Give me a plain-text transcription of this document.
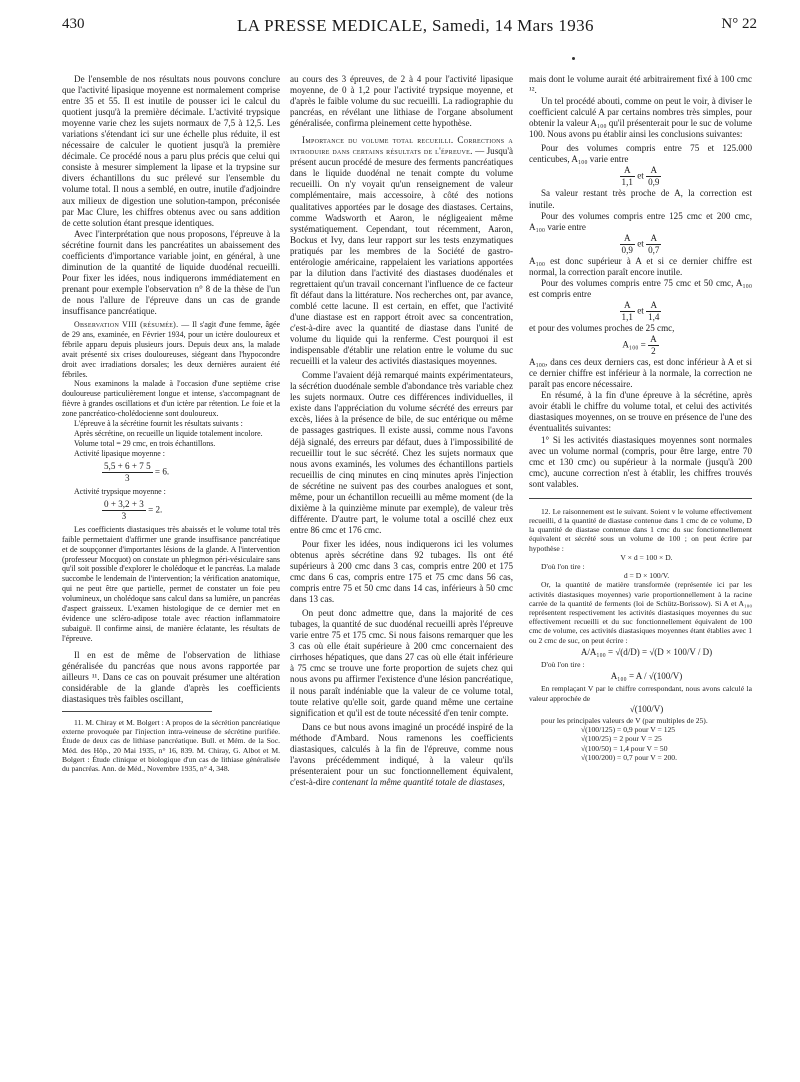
430	LA PRESSE MEDICALE, Samedi, 14 Mars 1936	N° 22

De l'ensemble de nos résultats nous pouvons conclure que l'activité lipasique moyenne est normalement comprise entre 35 et 55. Il est inutile de pousser ici le calcul du quotient jusqu'à la première décimale. L'activité trypsique moyenne varie chez les sujets normaux de 7,5 à 12,5. Les variations s'étendant ici sur une échelle plus réduite, il est nécessaire de calculer le quotient jusqu'à la première décimale. Ce procédé nous a paru plus précis que celui qui consiste à mesurer simplement la lipase et la trypsine sur divers échantillons du suc prélevé sur l'ensemble du volume total. Il nous a semblé, en outre, inutile d'adjoindre aux milieux de digestion une solution-tampon, préconisée par Mac Clure, les chiffres obtenus avec ou sans addition de cette solution étant presque identiques.

Avec l'interprétation que nous proposons, l'épreuve à la sécrétine fournit dans les pancréatites un abaissement des coefficients d'importance variable joint, en général, à une diminution de la quantité de liquide duodénal recueilli. Pour fixer les idées, nous indiquerons immédiatement en prenant pour exemple l'observation n° 8 de la thèse de l'un de nous l'allure de l'épreuve dans un cas de grande insuffisance pancréatique.

Observation VIII (résumée). — Il s'agit d'une femme, âgée de 29 ans, examinée, en Février 1934, pour un ictère douloureux et fébrile apparu depuis plusieurs jours. Depuis deux ans, la malade avait présenté six crises douloureuses, siégeant dans l'hypocondre droit avec irradiations dorsales; les deux dernières auraient été fébriles.

Nous examinons la malade à l'occasion d'une septième crise douloureuse particulièrement longue et intense, s'accompagnant de fièvre à grandes oscillations et d'un ictère par rétention. Le foie et la zone pancréatico-cholédocienne sont douloureux.

L'épreuve à la sécrétine fournit les résultats suivants :

Après sécrétine, on recueille un liquide totalement incolore.

Volume total = 29 cmc, en trois échantillons.

Activité lipasique moyenne :

$\frac{5,5 + 6 + 7 5}{3} = 6$.

Activité trypsique moyenne :

$\frac{0 + 3,2 + 3}{3} = 2$.

Les coefficients diastasiques très abaissés et le volume total très faible permettaient d'affirmer une grande insuffisance pancréatique et de soupçonner d'importantes lésions de la glande. A l'intervention (professeur Mocquot) on constate un phlegmon péri-vésiculaire sans qu'il soit possible d'explorer le cholédoque et le pancréas. La malade succombe le lendemain de l'intervention; la vérification anatomique, qui ne peut être que partielle, permet de constater un foie peu volumineux, un cholédoque sans calcul dans sa lumière, un pancréas d'aspect graisseux. L'examen histologique de ce dernier met en évidence une scléro-adipose totale avec réaction inflammatoire subaiguë. Il confirme ainsi, de manière éclatante, les résultats de l'épreuve.

Il en est de même de l'observation de lithiase généralisée du pancréas que nous avons rapportée par ailleurs ¹¹. Dans ce cas on pouvait présumer une altération considérable de la glande d'après les coefficients diastasiques très faibles oscillant,

11. M. Chiray et M. Bolgert : A propos de la sécrétion pancréatique externe provoquée par l'injection intra-veineuse de sécrétine purifiée. Étude de deux cas de lithiase pancréatique. Bull. et Mém. de la Soc. Méd. des Hôp., 20 Mai 1935, n° 16, 839. M. Chiray, G. Albot et M. Bolgert : Étude clinique et biologique d'un cas de lithiase généralisée du pancréas. Ann. de Méd., Novembre 1935, n° 4, 348.

au cours des 3 épreuves, de 2 à 4 pour l'activité lipasique moyenne, de 0 à 1,2 pour l'activité trypsique moyenne, et d'après le faible volume du suc recueilli. La radiographie du pancréas, en révélant une lithiase de l'organe absolument généralisée, confirma pleinement cette hypothèse.

Importance du volume total recueilli. Corrections a introduire dans certains résultats de l'épreuve. — Jusqu'à présent aucun procédé de mesure des ferments pancréatiques dans le liquide duodénal ne tenait compte du volume recueilli. On n'y voyait qu'un renseignement de valeur complémentaire, mais accessoire, à côté des notions qualitatives apportées par le dosage des diastases. Certains, comme Wadsworth et Aaron, le négligeaient même systématiquement. Cependant, tout récemment, Aaron, Bockus et Ivy, dans leur rapport sur les tests enzymatiques pratiqués par les membres de la Société de gastro-entérologie américaine, rappelaient les variations apportées par la dilution dans l'activité des diastases duodénales et regrettaient qu'un travail concernant l'influence de ce facteur fît défaut dans la littérature. Nos recherches ont, par avance, comblé cette lacune. Il est certain, en effet, que l'activité d'une diastase est en rapport étroit avec sa concentration, c'est-à-dire avec la quantité de diastase dans l'unité de volume du liquide qui la renferme. C'est pourquoi il est indispensable d'établir une relation entre le volume du suc recueilli et la valeur des activités diastasiques moyennes.

Comme l'avaient déjà remarqué maints expérimentateurs, la sécrétion duodénale semble d'abondance très variable chez les sujets normaux. Outre ces différences individuelles, il existe dans l'appréciation du volume sécrété des erreurs par excès, liées à la présence de bile, de suc entérique ou même de passages gastriques. Il existe aussi, comme nous l'avons déjà signalé, des erreurs par défaut, dues à l'impossibilité de recueillir tout le suc sécrété. Chez les sujets normaux que nous avons examinés, les volumes des échantillons partiels recueillis de cinq minutes en cinq minutes après l'injection de sécrétine ne suivent pas des courbes analogues et sont, même, pour un échantillon recueilli au même moment (de la dixième à la quinzième minute par exemple), de valeur très différente. D'autre part, le volume total a oscillé chez eux entre 86 cmc et 176 cmc.

Pour fixer les idées, nous indiquerons ici les volumes obtenus après sécrétine dans 92 tubages. Ils ont été supérieurs à 200 cmc dans 3 cas, compris entre 200 et 175 cmc dans 6 cas, compris entre 175 et 75 cmc dans 56 cas, compris entre 75 et 50 cmc dans 14 cas, inférieurs à 50 cmc dans 13 cas.

On peut donc admettre que, dans la majorité de ces tubages, la quantité de suc duodénal recueilli après l'épreuve varie entre 75 et 175 cmc. Si nous faisons remarquer que les 3 cas où elle était supérieure à 200 cmc concernaient des cirrhoses hépatiques, que dans 27 cas où elle était inférieure à 75 cmc se trouve une forte proportion de sujets chez qui nous avons pu affirmer l'existence d'une lésion pancréatique, il nous paraît indéniable que la valeur de ce volume total, toute relative qu'elle soit, garde quand même une certaine signification et qu'il est de toute nécessité d'en tenir compte.

Dans ce but nous avons imaginé un procédé inspiré de la méthode d'Ambard. Nous ramenons les coefficients diastasiques, calculés à la fin de l'épreuve, comme nous l'avons précédemment indiqué, à la valeur qu'ils présenteraient pour un suc fonctionnellement équivalent, c'est-à-dire contenant la même quantité totale de diastases,

mais dont le volume aurait été arbitrairement fixé à 100 cmc ¹².

Un tel procédé abouti, comme on peut le voir, à diviser le coefficient calculé A par certains nombres très simples, pour obtenir la valeur A₁₀₀ qu'il présenterait pour le suc de volume 100. Nous avons pu établir ainsi les conclusions suivantes:

Pour des volumes compris entre 75 et 125.000 centicubes, A₁₀₀ varie entre

$\frac{A}{1,1}$ et $\frac{A}{0,9}$

Sa valeur restant très proche de A, la correction est inutile.

Pour des volumes compris entre 125 cmc et 200 cmc, A₁₀₀ varie entre

$\frac{A}{0,9}$ et $\frac{A}{0,7}$

A₁₀₀ est donc supérieur à A et si ce dernier chiffre est normal, la correction paraît encore inutile.

Pour des volumes compris entre 75 cmc et 50 cmc, A₁₀₀ est compris entre

$\frac{A}{1,1}$ et $\frac{A}{1,4}$

et pour des volumes proches de 25 cmc,

$A_{100} = \frac{A}{2}$

A₁₀₀, dans ces deux derniers cas, est donc inférieur à A et si ce dernier chiffre est inférieur à la normale, la correction ne paraît pas encore nécessaire.

En résumé, à la fin d'une épreuve à la sécrétine, après avoir établi le chiffre du volume total, et celui des activités diastasiques moyennes, on se trouve en présence de l'une des éventualités suivantes:

1° Si les activités diastasiques moyennes sont normales avec un volume normal (compris, pour être large, entre 70 cmc et 130 cmc) ou supérieur à la normale (jusqu'à 200 cmc), aucune correction n'est à établir, les chiffres trouvés sont valables.

12. Le raisonnement est le suivant. Soient v le volume effectivement recueilli, d la quantité de diastase contenue dans 1 cmc de ce volume, D la quantité de diastase contenue dans 1 cmc du suc fonctionnellement équivalent et sécrété sous un volume de 100 ; on peut écrire par hypothèse :

V × d = 100 × D.

D'où l'on tire :

d = D × 100/V.

Or, la quantité de matière transformée (représentée ici par les activités diastasiques moyennes) varie proportionnellement à la racine carrée de la quantité de ferments (loi de Schütz-Borissow). Si A et A₁₀₀ représentent respectivement les activités diastasiques moyennes du suc effectivement recueilli et du suc fonctionnellement équivalent de 100 cmc de volume, ces activités diastasiques moyennes étant établies avec 1 ou 2 cmc de suc, on peut écrire :

A/A₁₀₀ = √(d/D) = √(D × 100/V / D)

D'où l'on tire :

A₁₀₀ = A / √(100/V)

En remplaçant V par le chiffre correspondant, nous avons calculé la valeur approchée de

√(100/V)

pour les principales valeurs de V (par multiples de 25).

√(100/125) = 0,9 pour V = 125

√(100/25) = 2 pour V = 25

√(100/50) = 1,4 pour V = 50

√(100/200) = 0,7 pour V = 200.
